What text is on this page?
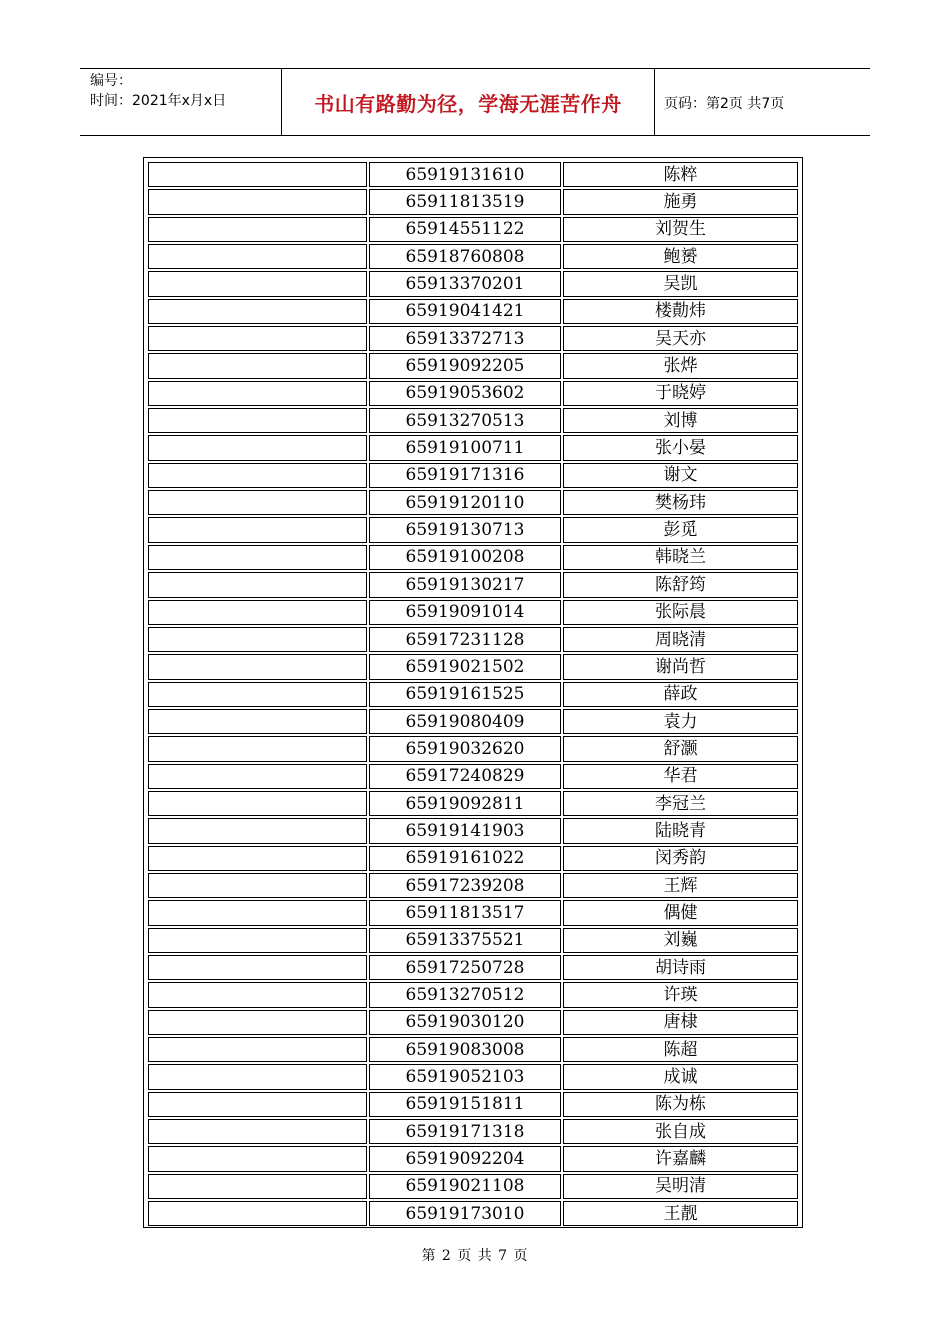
编号：
时间：2021年x月x日	书山有路勤为径，学海无涯苦作舟	页码：第2页 共7页
	65919131610	陈粹
	65911813519	施勇
	65914551122	刘贺生
	65918760808	鲍赟
	65913370201	吴凯
	65919041421	楼勣炜
	65913372713	吴天亦
	65919092205	张烨
	65919053602	于晓婷
	65913270513	刘博
	65919100711	张小晏
	65919171316	谢文
	65919120110	樊杨玮
	65919130713	彭觅
	65919100208	韩晓兰
	65919130217	陈舒筠
	65919091014	张际晨
	65917231128	周晓清
	65919021502	谢尚哲
	65919161525	薛政
	65919080409	袁力
	65919032620	舒灏
	65917240829	华君
	65919092811	李冠兰
	65919141903	陆晓青
	65919161022	闵秀韵
	65917239208	王辉
	65911813517	偶健
	65913375521	刘巍
	65917250728	胡诗雨
	65913270512	许瑛
	65919030120	唐棣
	65919083008	陈超
	65919052103	成诚
	65919151811	陈为栋
	65919171318	张自成
	65919092204	许嘉麟
	65919021108	吴明清
	65919173010	王靓
第 2 页 共 7 页
